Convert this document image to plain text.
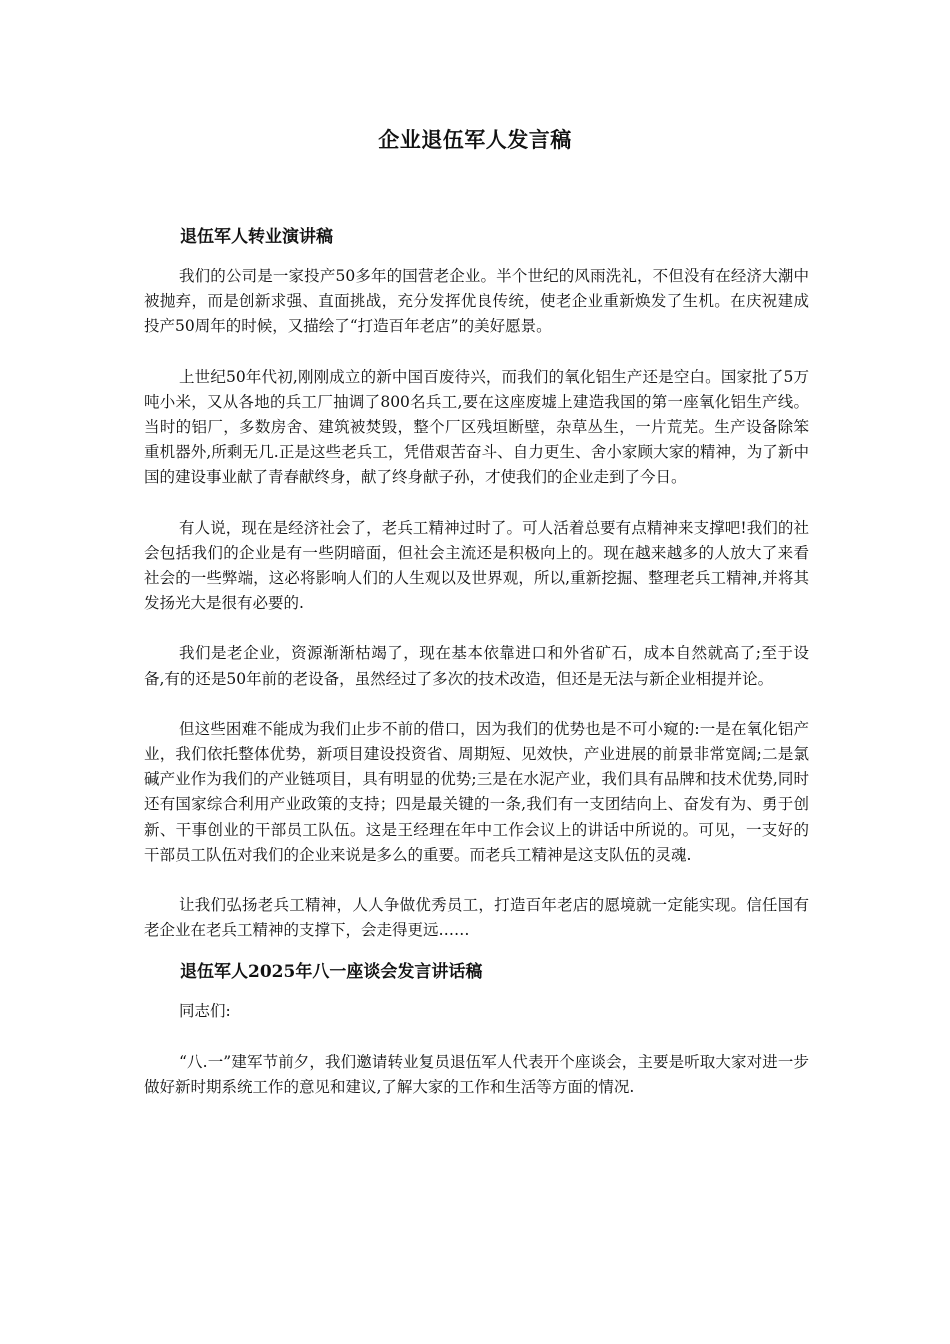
企业退伍军人发言稿
退伍军人转业演讲稿

我们的公司是一家投产50多年的国营老企业。半个世纪的风雨洗礼，不但没有在经济大潮中被抛弃，而是创新求强、直面挑战，充分发挥优良传统，使老企业重新焕发了生机。在庆祝建成投产50周年的时候，又描绘了“打造百年老店”的美好愿景。

上世纪50年代初,刚刚成立的新中国百废待兴，而我们的氧化铝生产还是空白。国家批了5万吨小米，又从各地的兵工厂抽调了800名兵工,要在这座废墟上建造我国的第一座氧化铝生产线。当时的铝厂，多数房舍、建筑被焚毁，整个厂区残垣断壁，杂草丛生，一片荒芜。生产设备除笨重机器外,所剩无几.正是这些老兵工，凭借艰苦奋斗、自力更生、舍小家顾大家的精神，为了新中国的建设事业献了青春献终身，献了终身献子孙，才使我们的企业走到了今日。

有人说，现在是经济社会了，老兵工精神过时了。可人活着总要有点精神来支撑吧!我们的社会包括我们的企业是有一些阴暗面，但社会主流还是积极向上的。现在越来越多的人放大了来看社会的一些弊端，这必将影响人们的人生观以及世界观，所以,重新挖掘、整理老兵工精神,并将其发扬光大是很有必要的.

我们是老企业，资源渐渐枯竭了，现在基本依靠进口和外省矿石，成本自然就高了;至于设备,有的还是50年前的老设备，虽然经过了多次的技术改造，但还是无法与新企业相提并论。

但这些困难不能成为我们止步不前的借口，因为我们的优势也是不可小窥的:一是在氧化铝产业，我们依托整体优势，新项目建设投资省、周期短、见效快，产业进展的前景非常宽阔;二是氯碱产业作为我们的产业链项目，具有明显的优势;三是在水泥产业，我们具有品牌和技术优势,同时还有国家综合利用产业政策的支持；四是最关键的一条,我们有一支团结向上、奋发有为、勇于创新、干事创业的干部员工队伍。这是王经理在年中工作会议上的讲话中所说的。可见，一支好的干部员工队伍对我们的企业来说是多么的重要。而老兵工精神是这支队伍的灵魂.

让我们弘扬老兵工精神，人人争做优秀员工，打造百年老店的愿境就一定能实现。信任国有老企业在老兵工精神的支撑下，会走得更远……

退伍军人2025年八一座谈会发言讲话稿

同志们:

“八.一”建军节前夕，我们邀请转业复员退伍军人代表开个座谈会，主要是听取大家对进一步做好新时期系统工作的意见和建议,了解大家的工作和生活等方面的情况.
